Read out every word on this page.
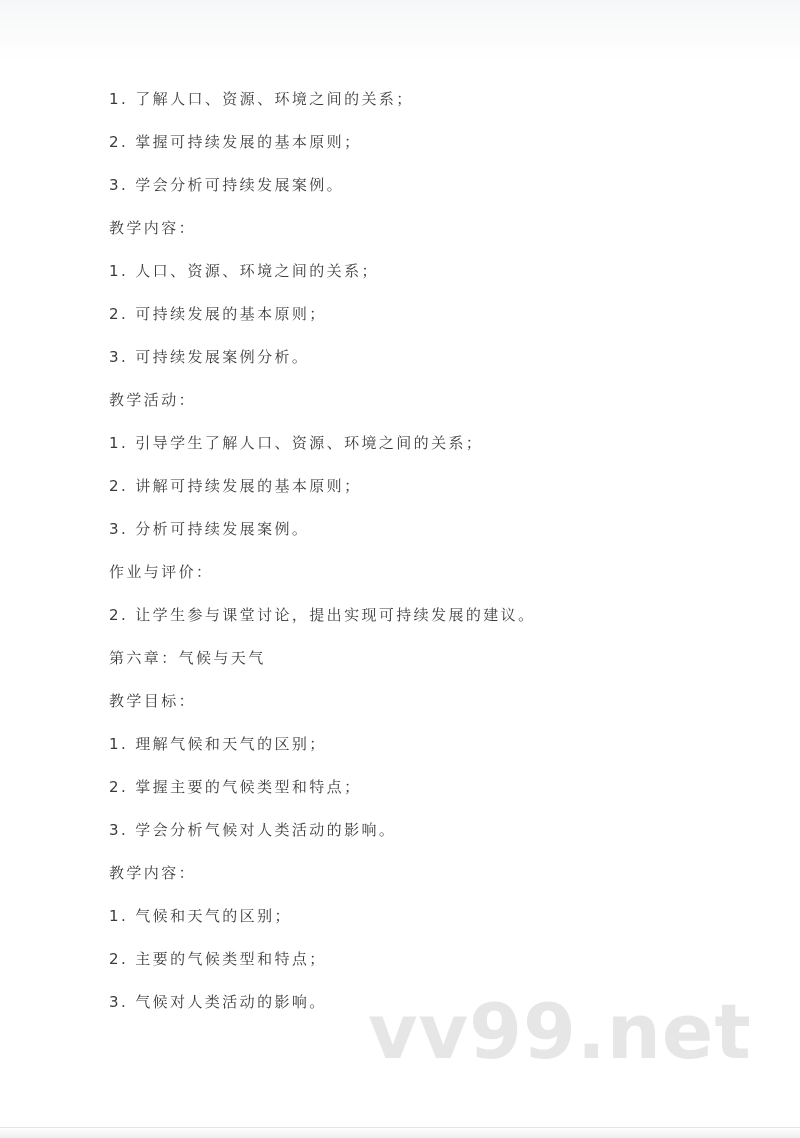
1. 了解人口、资源、环境之间的关系；
2. 掌握可持续发展的基本原则；
3. 学会分析可持续发展案例。
教学内容：
1. 人口、资源、环境之间的关系；
2. 可持续发展的基本原则；
3. 可持续发展案例分析。
教学活动：
1. 引导学生了解人口、资源、环境之间的关系；
2. 讲解可持续发展的基本原则；
3. 分析可持续发展案例。
作业与评价：
2. 让学生参与课堂讨论，提出实现可持续发展的建议。
第六章：气候与天气
教学目标：
1. 理解气候和天气的区别；
2. 掌握主要的气候类型和特点；
3. 学会分析气候对人类活动的影响。
教学内容：
1. 气候和天气的区别；
2. 主要的气候类型和特点；
3. 气候对人类活动的影响。 vv99.net
